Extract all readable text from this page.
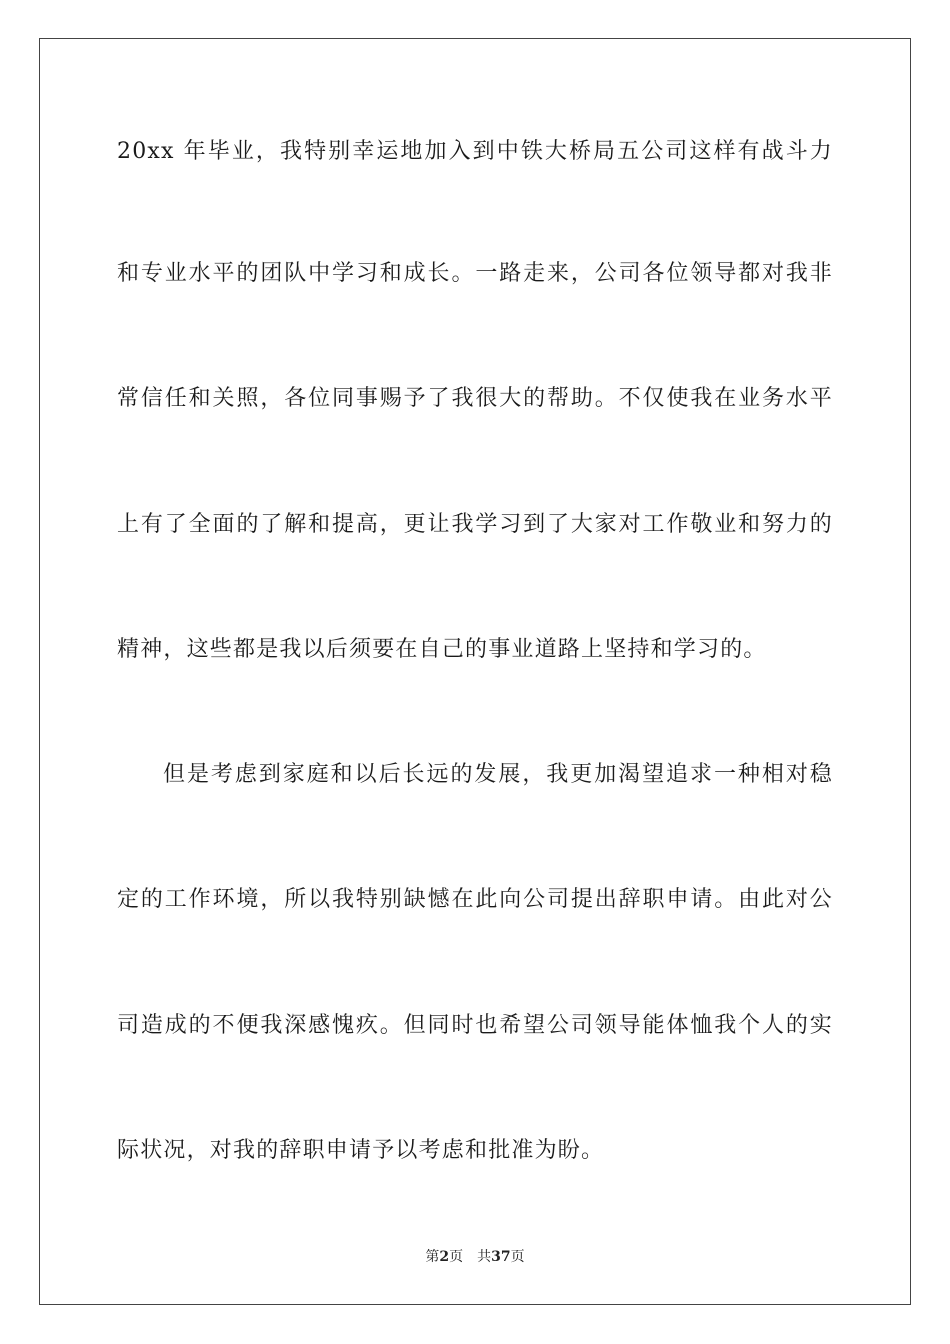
20xx 年毕业，我特别幸运地加入到中铁大桥局五公司这样有战斗力
和专业水平的团队中学习和成长。一路走来，公司各位领导都对我非
常信任和关照，各位同事赐予了我很大的帮助。不仅使我在业务水平
上有了全面的了解和提高，更让我学习到了大家对工作敬业和努力的
精神，这些都是我以后须要在自己的事业道路上坚持和学习的。
但是考虑到家庭和以后长远的发展，我更加渴望追求一种相对稳
定的工作环境，所以我特别缺憾在此向公司提出辞职申请。由此对公
司造成的不便我深感愧疚。但同时也希望公司领导能体恤我个人的实
际状况，对我的辞职申请予以考虑和批准为盼。
第2页 共37页
